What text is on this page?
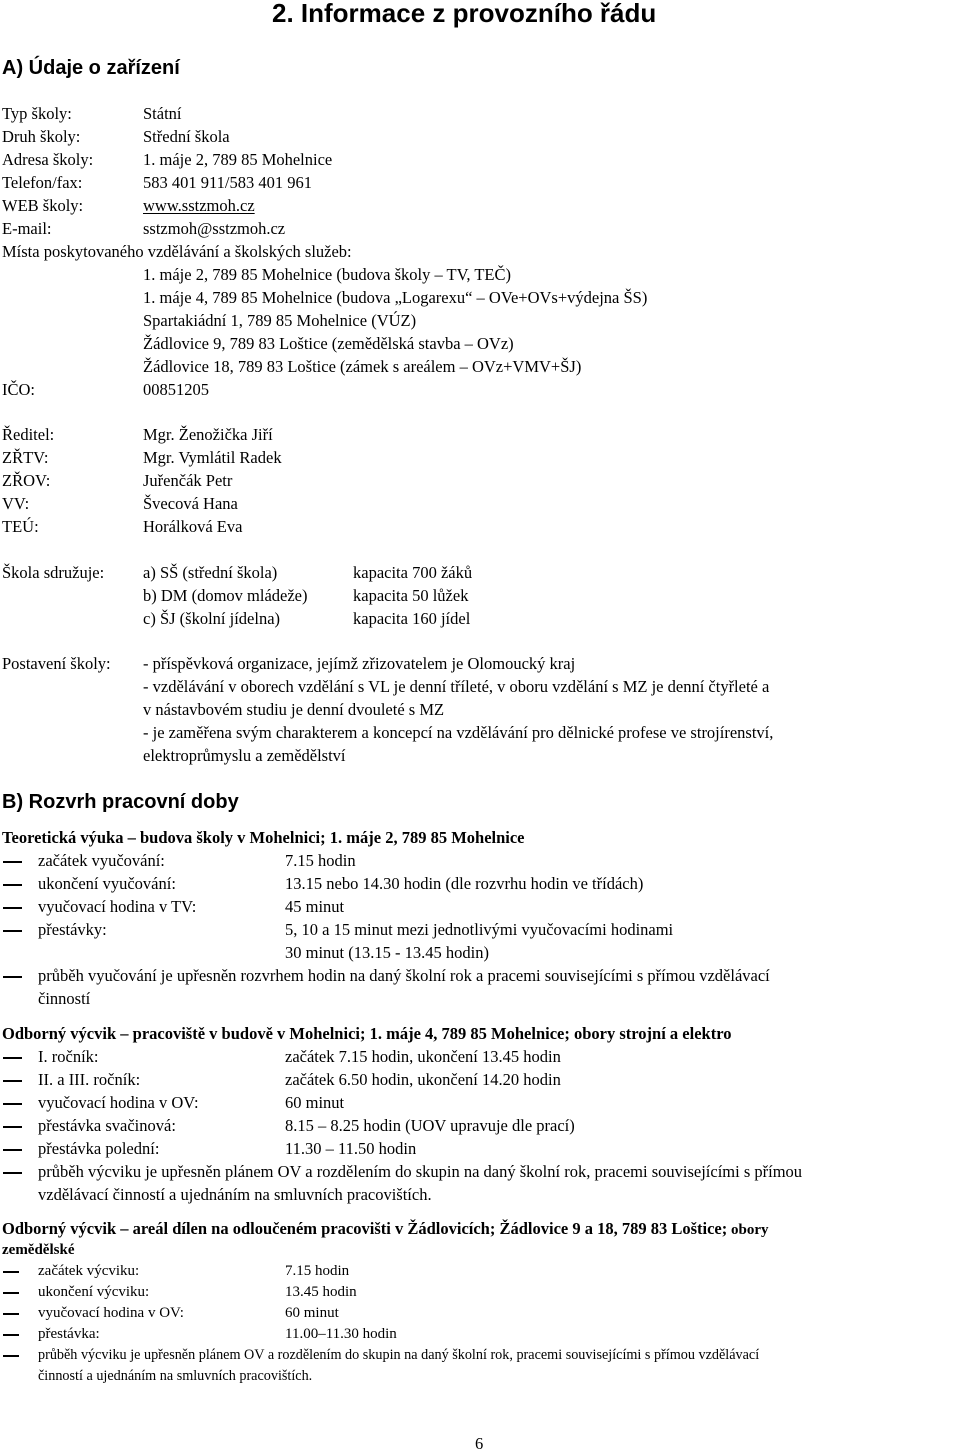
2. Informace z provozního řádu
A) Údaje o zařízení
Typ školy:	Státní
Druh školy:	Střední škola
Adresa školy:	1. máje 2, 789 85 Mohelnice
Telefon/fax:	583 401 911/583 401 961
WEB školy:	www.sstzmoh.cz
E-mail:	sstzmoh@sstzmoh.cz
Místa poskytovaného vzdělávání a školských služeb:
1. máje 2, 789 85 Mohelnice (budova školy – TV, TEČ)
1. máje 4, 789 85 Mohelnice (budova „Logarexu“ – OVe+OVs+výdejna ŠS)
Spartakiádní 1, 789 85 Mohelnice (VÚZ)
Žádlovice 9, 789 83 Loštice (zemědělská stavba – OVz)
Žádlovice 18, 789 83 Loštice (zámek s areálem – OVz+VMV+ŠJ)
IČO:	00851205
Ředitel:	Mgr. Ženožička Jiří
ZŘTV:	Mgr. Vymlátil Radek
ZŘOV:	Juřenčák Petr
VV:	Švecová Hana
TEÚ:	Horálková Eva
Škola sdružuje: a) SŠ (střední škola)	kapacita 700 žáků
b) DM (domov mládeže)	kapacita 50 lůžek
c) ŠJ (školní jídelna)	kapacita 160 jídel
Postavení školy: - příspěvková organizace, jejímž zřizovatelem je Olomoucký kraj
- vzdělávání v oborech vzdělání s VL je denní tříleté, v oboru vzdělání s MZ je denní čtyřleté a
v nástavbovém studiu je denní dvouleté s MZ
- je zaměřena svým charakterem a koncepcí na vzdělávání pro dělnické profese ve strojírenství,
elektroprůmyslu a zemědělství
B) Rozvrh pracovní doby
Teoretická výuka – budova školy v Mohelnici; 1. máje 2, 789 85 Mohelnice
začátek vyučování:	7.15 hodin
ukončení vyučování:	13.15 nebo 14.30 hodin (dle rozvrhu hodin ve třídách)
vyučovací hodina v TV:	45 minut
přestávky:	5, 10 a 15 minut mezi jednotlivými vyučovacími hodinami
30 minut (13.15 - 13.45 hodin)
průběh vyučování je upřesněn rozvrhem hodin na daný školní rok a pracemi souvisejícími s přímou vzdělávací
činností
Odborný výcvik – pracoviště v budově v Mohelnici; 1. máje 4, 789 85 Mohelnice; obory strojní a elektro
I. ročník:	začátek 7.15 hodin, ukončení 13.45 hodin
II. a III. ročník:	začátek 6.50 hodin, ukončení 14.20 hodin
vyučovací hodina v OV:	60 minut
přestávka svačinová:	8.15 – 8.25 hodin (UOV upravuje dle prací)
přestávka polední:	11.30 – 11.50 hodin
průběh výcviku je upřesněn plánem OV a rozdělením do skupin na daný školní rok, pracemi souvisejícími s přímou
vzdělávací činností a ujednáním na smluvních pracovištích.
Odborný výcvik – areál dílen na odloučeném pracovišti v Žádlovicích; Žádlovice 9 a 18, 789 83 Loštice; obory
zemědělské
začátek výcviku:	7.15 hodin
ukončení výcviku:	13.45 hodin
vyučovací hodina v OV:	60 minut
přestávka:	11.00–11.30 hodin
průběh výcviku je upřesněn plánem OV a rozdělením do skupin na daný školní rok, pracemi souvisejícími s přímou vzdělávací
činností a ujednáním na smluvních pracovištích.
6
